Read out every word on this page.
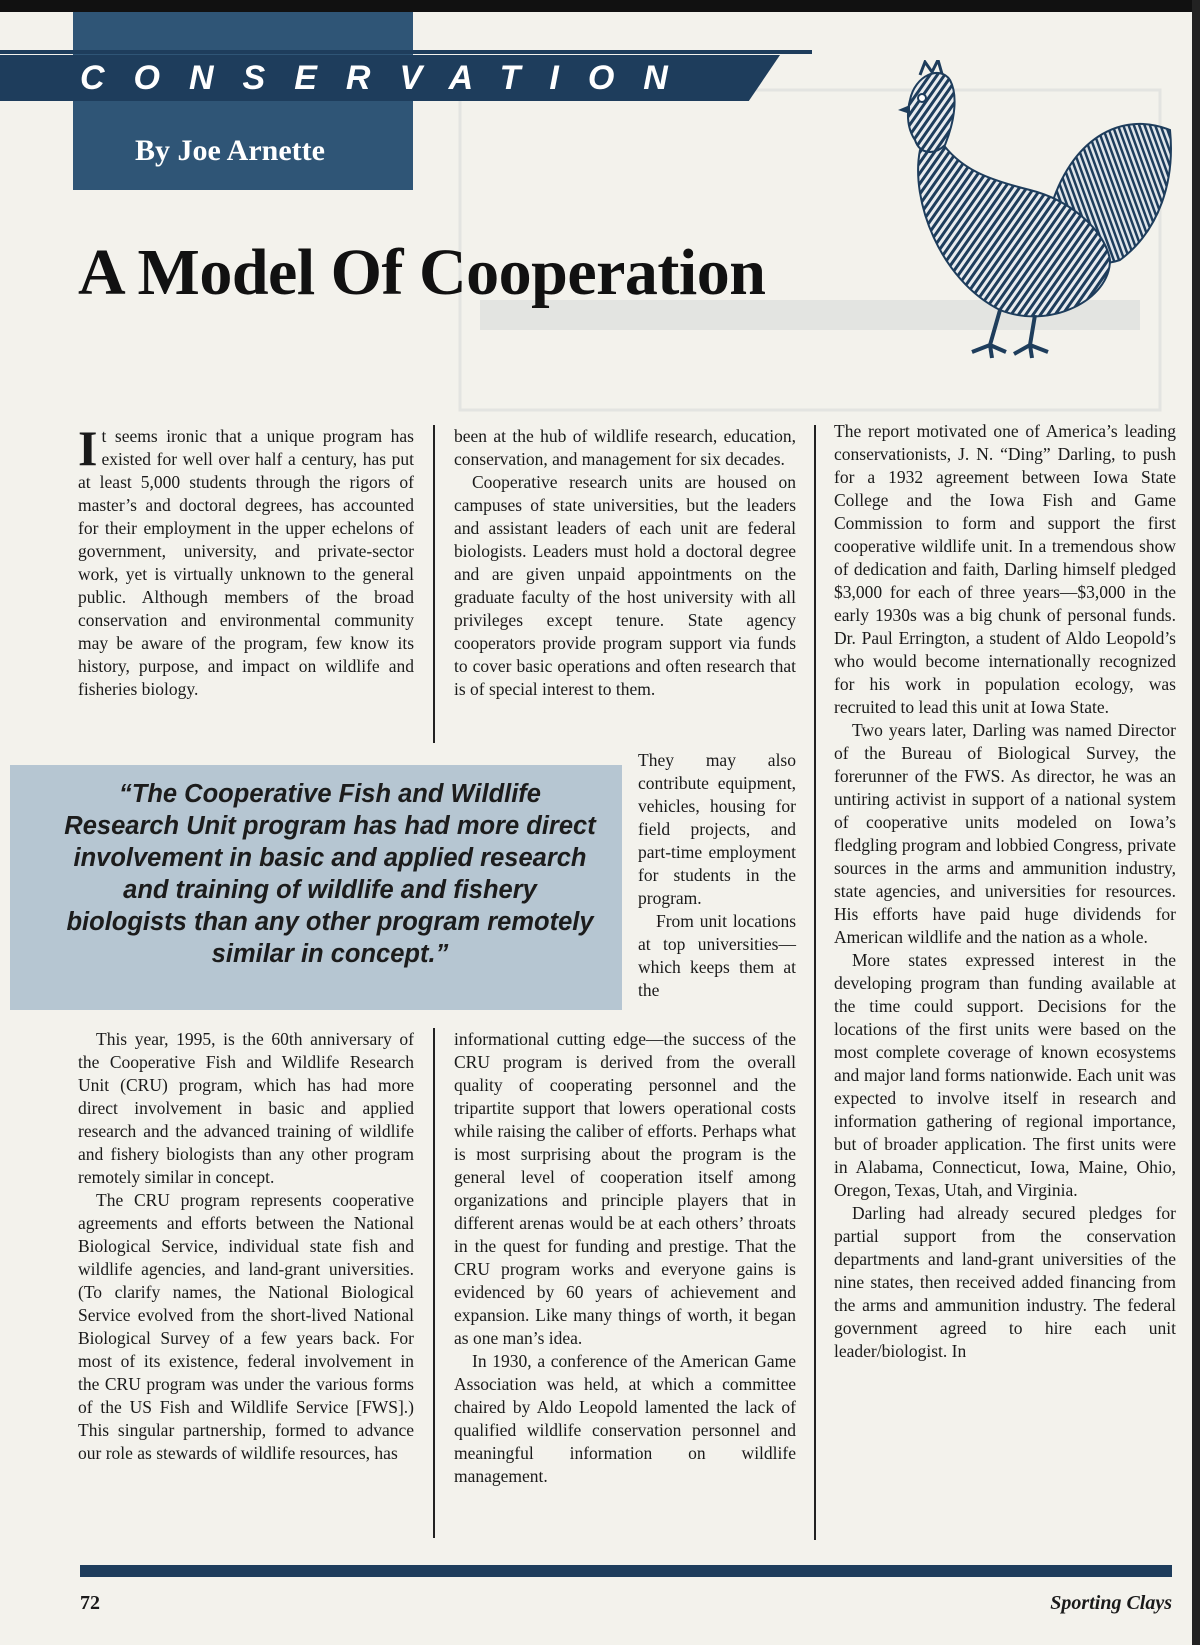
CONSERVATION
By Joe Arnette
A Model Of Cooperation

It seems ironic that a unique program has existed for well over half a century, has put at least 5,000 students through the rigors of master’s and doctoral degrees, has accounted for their employment in the upper echelons of government, university, and private-sector work, yet is virtually unknown to the general public. Although members of the broad conservation and environmental community may be aware of the program, few know its history, purpose, and impact on wildlife and fisheries biology.

been at the hub of wildlife research, education, conservation, and management for six decades.

Cooperative research units are housed on campuses of state universities, but the leaders and assistant leaders of each unit are federal biologists. Leaders must hold a doctoral degree and are given unpaid appointments on the graduate faculty of the host university with all privileges except tenure. State agency cooperators provide program support via funds to cover basic operations and often research that is of special interest to them.

“The Cooperative Fish and Wildlife Research Unit program has had more direct involvement in basic and applied research and training of wildlife and fishery biologists than any other program remotely similar in concept.”

They may also contribute equipment, vehicles, housing for field projects, and part-time employment for students in the program.

From unit locations at top universities—which keeps them at the

This year, 1995, is the 60th anniversary of the Cooperative Fish and Wildlife Research Unit (CRU) program, which has had more direct involvement in basic and applied research and the advanced training of wildlife and fishery biologists than any other program remotely similar in concept.

The CRU program represents cooperative agreements and efforts between the National Biological Service, individual state fish and wildlife agencies, and land-grant universities. (To clarify names, the National Biological Service evolved from the short-lived National Biological Survey of a few years back. For most of its existence, federal involvement in the CRU program was under the various forms of the US Fish and Wildlife Service [FWS].) This singular partnership, formed to advance our role as stewards of wildlife resources, has

informational cutting edge—the success of the CRU program is derived from the overall quality of cooperating personnel and the tripartite support that lowers operational costs while raising the caliber of efforts. Perhaps what is most surprising about the program is the general level of cooperation itself among organizations and principle players that in different arenas would be at each others’ throats in the quest for funding and prestige. That the CRU program works and everyone gains is evidenced by 60 years of achievement and expansion. Like many things of worth, it began as one man’s idea.

In 1930, a conference of the American Game Association was held, at which a committee chaired by Aldo Leopold lamented the lack of qualified wildlife conservation personnel and meaningful information on wildlife management.

The report motivated one of America’s leading conservationists, J. N. “Ding” Darling, to push for a 1932 agreement between Iowa State College and the Iowa Fish and Game Commission to form and support the first cooperative wildlife unit. In a tremendous show of dedication and faith, Darling himself pledged $3,000 for each of three years—$3,000 in the early 1930s was a big chunk of personal funds. Dr. Paul Errington, a student of Aldo Leopold’s who would become internationally recognized for his work in population ecology, was recruited to lead this unit at Iowa State.

Two years later, Darling was named Director of the Bureau of Biological Survey, the forerunner of the FWS. As director, he was an untiring activist in support of a national system of cooperative units modeled on Iowa’s fledgling program and lobbied Congress, private sources in the arms and ammunition industry, state agencies, and universities for resources. His efforts have paid huge dividends for American wildlife and the nation as a whole.

More states expressed interest in the developing program than funding available at the time could support. Decisions for the locations of the first units were based on the most complete coverage of known ecosystems and major land forms nationwide. Each unit was expected to involve itself in research and information gathering of regional importance, but of broader application. The first units were in Alabama, Connecticut, Iowa, Maine, Ohio, Oregon, Texas, Utah, and Virginia.

Darling had already secured pledges for partial support from the conservation departments and land-grant universities of the nine states, then received added financing from the arms and ammunition industry. The federal government agreed to hire each unit leader/biologist. In

72	Sporting Clays
